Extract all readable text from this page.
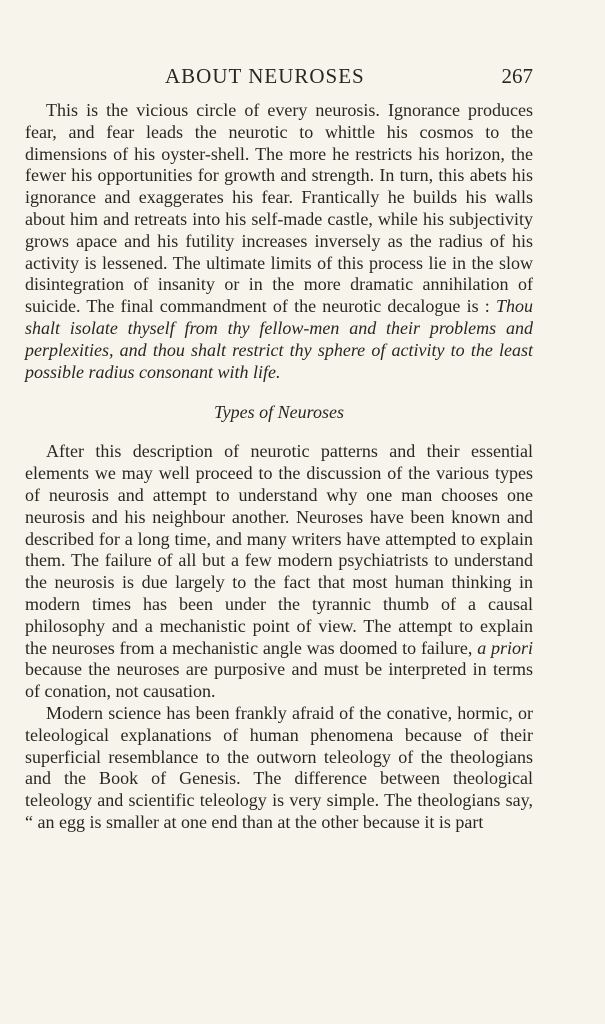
ABOUT NEUROSES	267

This is the vicious circle of every neurosis. Ignorance produces fear, and fear leads the neurotic to whittle his cosmos to the dimensions of his oyster-shell. The more he restricts his horizon, the fewer his opportunities for growth and strength. In turn, this abets his ignorance and exaggerates his fear. Frantically he builds his walls about him and retreats into his self-made castle, while his subjectivity grows apace and his futility increases inversely as the radius of his activity is lessened. The ultimate limits of this process lie in the slow disintegration of insanity or in the more dramatic annihilation of suicide. The final commandment of the neurotic decalogue is : Thou shalt isolate thyself from thy fellow-men and their problems and perplexities, and thou shalt restrict thy sphere of activity to the least possible radius consonant with life.

Types of Neuroses

After this description of neurotic patterns and their essential elements we may well proceed to the discussion of the various types of neurosis and attempt to understand why one man chooses one neurosis and his neighbour another. Neuroses have been known and described for a long time, and many writers have attempted to explain them. The failure of all but a few modern psychiatrists to understand the neurosis is due largely to the fact that most human thinking in modern times has been under the tyrannic thumb of a causal philosophy and a mechanistic point of view. The attempt to explain the neuroses from a mechanistic angle was doomed to failure, a priori because the neuroses are purposive and must be interpreted in terms of conation, not causation.

Modern science has been frankly afraid of the conative, hormic, or teleological explanations of human phenomena because of their superficial resemblance to the outworn teleology of the theologians and the Book of Genesis. The difference between theological teleology and scientific teleology is very simple. The theologians say, “ an egg is smaller at one end than at the other because it is part
